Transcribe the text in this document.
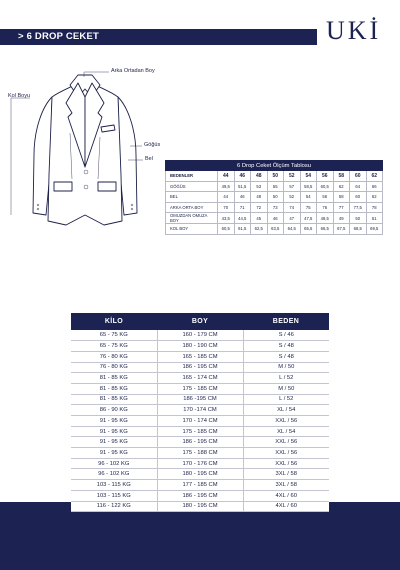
> 6 DROP CEKET	UKİ
Arka Ortadan Boy
Kol Boyu
Göğüs
Bel
6 Drop Ceket Ölçüm Tablosu										
BEDENLER	44	46	48	50	52	54	56	58	60	62
GÖĞÜS	49,5	51,5	53	55	57	58,5	60,5	62	64	66
BEL	44	46	48	50	52	54	56	58	60	62
ARKA ORTA BOY	70	71	72	73	74	75	76	77	77,5	78
OMUZDAN OMUZA BOY	43,5	44,5	45	46	47	47,5	48,5	49	50	51
KOL BOY	60,5	61,5	62,5	63,5	64,5	65,5	66,5	67,5	68,5	69,5
KİLO	BOY	BEDEN
65 - 75 KG	160 - 179 CM	S / 46
65 - 75 KG	180 - 190 CM	S / 48
76 - 80 KG	165 - 185 CM	S / 48
76 - 80 KG	186 - 195 CM	M / 50
81 - 85 KG	165 - 174 CM	L / 52
81 - 85 KG	175 - 185 CM	M / 50
81 - 85 KG	186 -195 CM	L / 52
86 - 90 KG	170 -174 CM	XL / 54
91 - 95 KG	170 - 174 CM	XXL / 56
91 - 95 KG	175 - 185 CM	XL / 54
91 - 95 KG	186 - 195 CM	XXL / 56
91 - 95 KG	175 - 188 CM	XXL / 56
96 - 102 KG	170 - 176 CM	XXL / 56
96 - 102 KG	180 - 195 CM	3XL / 58
103 - 115 KG	177 - 185 CM	3XL / 58
103 - 115 KG	186 - 195 CM	4XL / 60
116 - 122 KG	180 - 195 CM	4XL / 60
